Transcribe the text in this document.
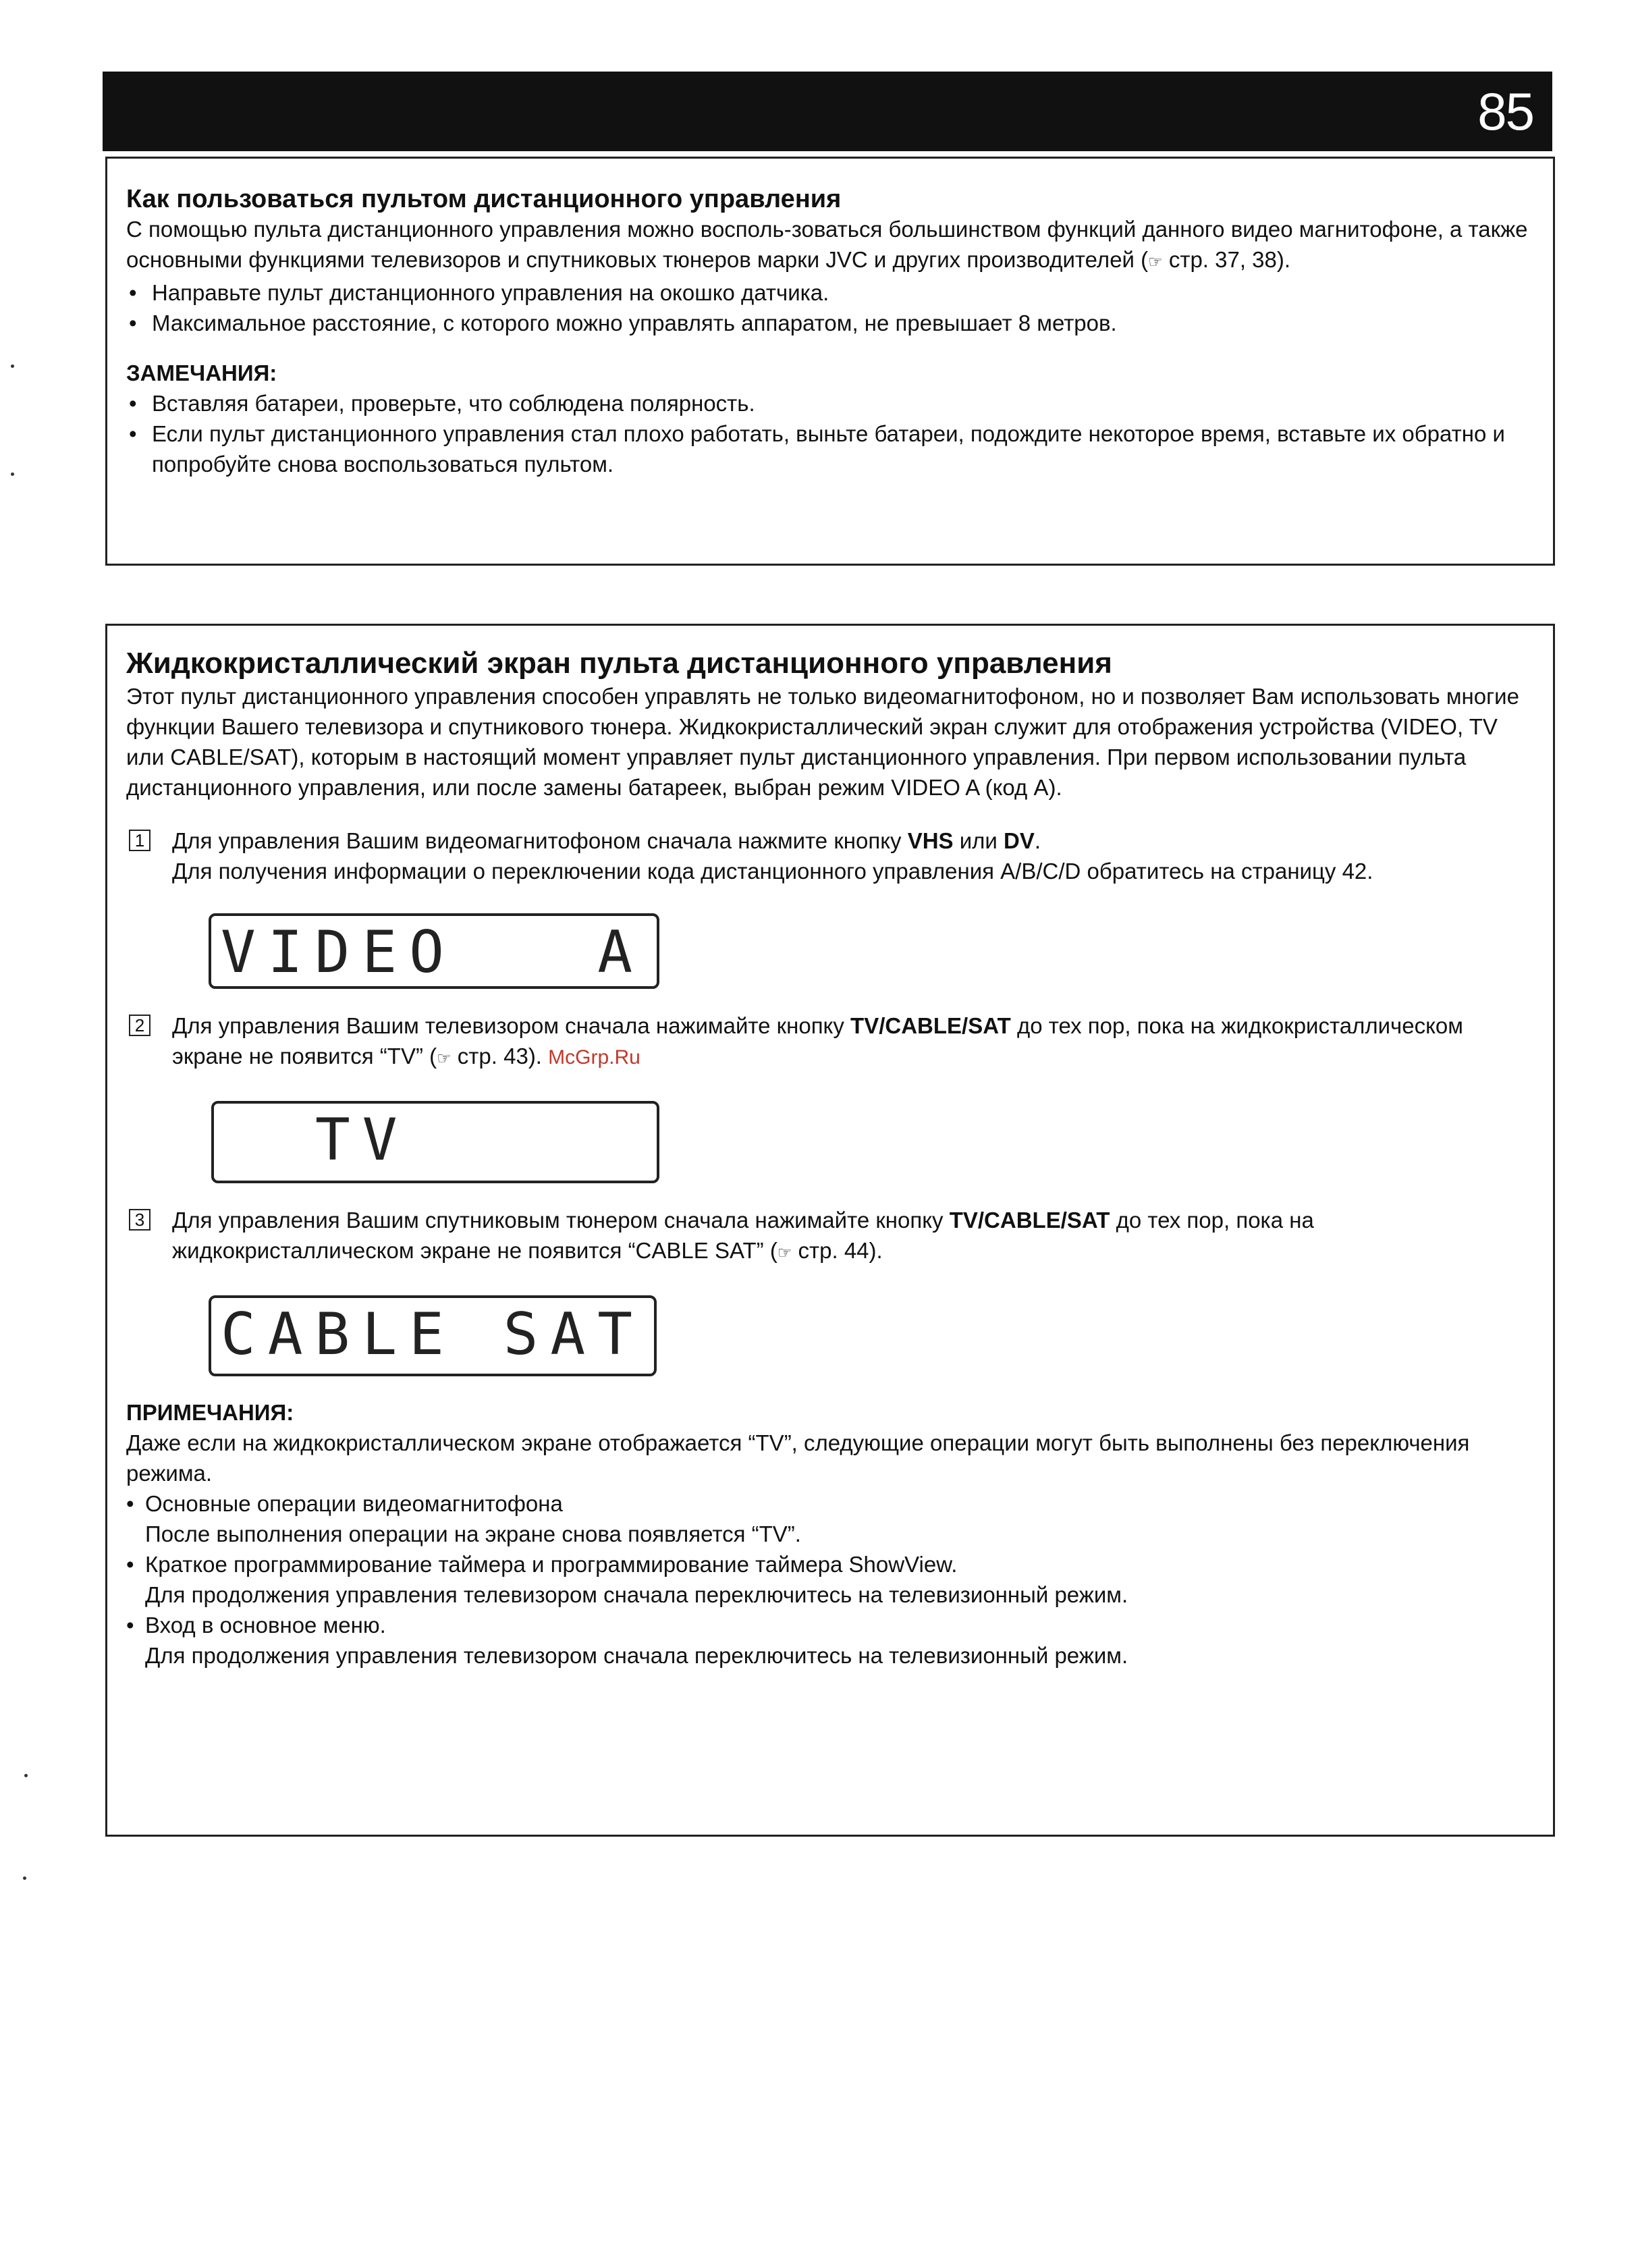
85
Как пользоваться пультом дистанционного управления

С помощью пульта дистанционного управления можно восполь-зоваться большинством функций данного видео магнитофоне, а также основными функциями телевизоров и спутниковых тюнеров марки JVC и других производителей (☞ стр. 37, 38).

• Направьте пульт дистанционного управления на окошко датчика.
• Максимальное расстояние, с которого можно управлять аппаратом, не превышает 8 метров.
ЗАМЕЧАНИЯ:
• Вставляя батареи, проверьте, что соблюдена полярность.
• Если пульт дистанционного управления стал плохо работать, выньте батареи, подождите некоторое время, вставьте их обратно и попробуйте снова воспользоваться пультом.
Жидкокристаллический экран пульта дистанционного управления

Этот пульт дистанционного управления способен управлять не только видеомагнитофоном, но и позволяет Вам использовать многие функции Вашего телевизора и спутникового тюнера. Жидкокристаллический экран служит для отображения устройства (VIDEO, TV или CABLE/SAT), которым в настоящий момент управляет пульт дистанционного управления. При первом использовании пульта дистанционного управления, или после замены батареек, выбран режим VIDEO A (код A).

1 Для управления Вашим видеомагнитофоном сначала нажмите кнопку VHS или DV.
Для получения информации о переключении кода дистанционного управления A/B/C/D обратитесь на страницу 42.
VIDEO   A
2 Для управления Вашим телевизором сначала нажимайте кнопку TV/CABLE/SAT до тех пор, пока на жидкокристаллическом экране не появится “TV” (☞ стр. 43). McGrp.Ru
TV
3 Для управления Вашим спутниковым тюнером сначала нажимайте кнопку TV/CABLE/SAT до тех пор, пока на жидкокристаллическом экране не появится “CABLE SAT” (☞ стр. 44).
CABLE SAT
ПРИМЕЧАНИЯ:

Даже если на жидкокристаллическом экране отображается “TV”, следующие операции могут быть выполнены без переключения режима.

• Основные операции видеомагнитофона
После выполнения операции на экране снова появляется “TV”.
• Краткое программирование таймера и программирование таймера ShowView.
Для продолжения управления телевизором сначала переключитесь на телевизионный режим.
• Вход в основное меню.
Для продолжения управления телевизором сначала переключитесь на телевизионный режим.
